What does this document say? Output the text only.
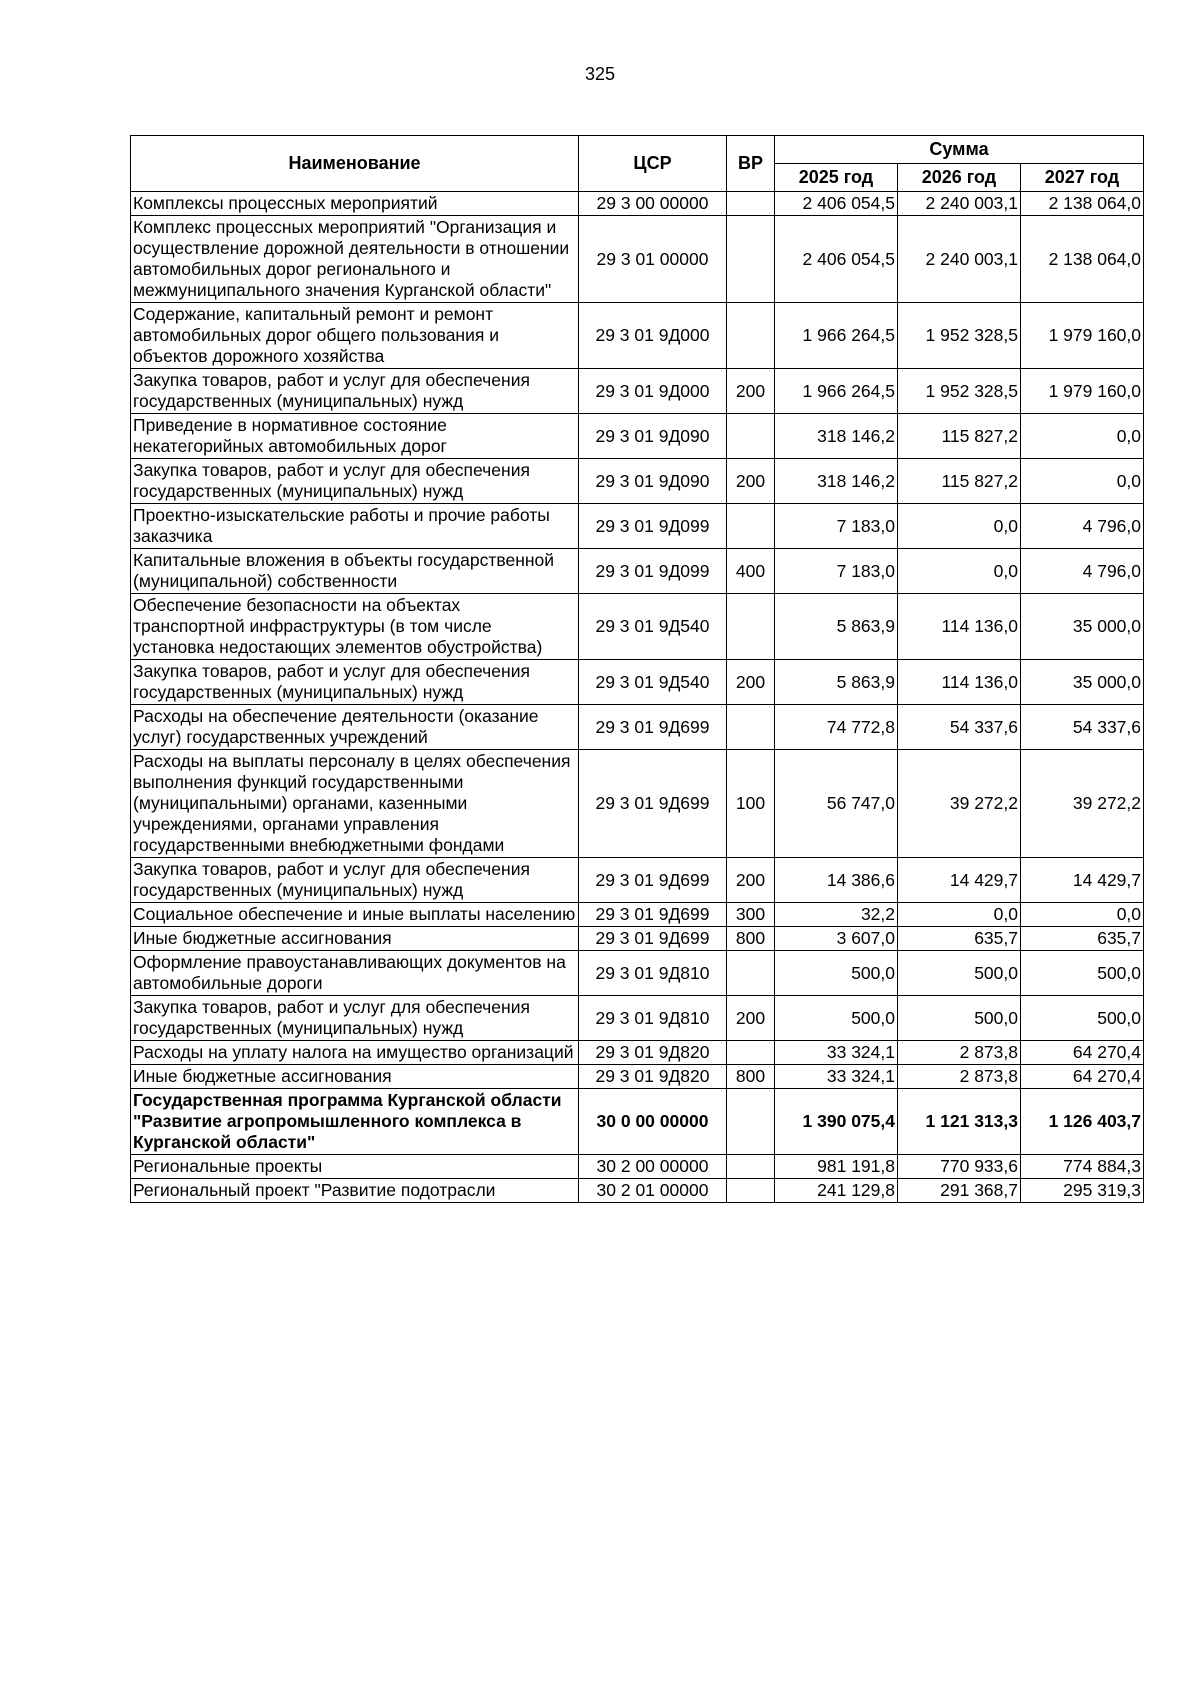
325
Наименование	ЦСР	ВР	Сумма		
			2025 год	2026 год	2027 год
Комплексы процессных мероприятий	29 3 00 00000		2 406 054,5	2 240 003,1	2 138 064,0
Комплекс процессных мероприятий "Организация и осуществление дорожной деятельности в отношении автомобильных дорог регионального и межмуниципального значения Курганской области"	29 3 01 00000		2 406 054,5	2 240 003,1	2 138 064,0
Содержание, капитальный ремонт и ремонт автомобильных дорог общего пользования и объектов дорожного хозяйства	29 3 01 9Д000		1 966 264,5	1 952 328,5	1 979 160,0
Закупка товаров, работ и услуг для обеспечения государственных (муниципальных) нужд	29 3 01 9Д000	200	1 966 264,5	1 952 328,5	1 979 160,0
Приведение в нормативное состояние некатегорийных автомобильных дорог	29 3 01 9Д090		318 146,2	115 827,2	0,0
Закупка товаров, работ и услуг для обеспечения государственных (муниципальных) нужд	29 3 01 9Д090	200	318 146,2	115 827,2	0,0
Проектно-изыскательские работы и прочие работы заказчика	29 3 01 9Д099		7 183,0	0,0	4 796,0
Капитальные вложения в объекты государственной (муниципальной) собственности	29 3 01 9Д099	400	7 183,0	0,0	4 796,0
Обеспечение безопасности на объектах транспортной инфраструктуры (в том числе установка недостающих элементов обустройства)	29 3 01 9Д540		5 863,9	114 136,0	35 000,0
Закупка товаров, работ и услуг для обеспечения государственных (муниципальных) нужд	29 3 01 9Д540	200	5 863,9	114 136,0	35 000,0
Расходы на обеспечение деятельности (оказание услуг) государственных учреждений	29 3 01 9Д699		74 772,8	54 337,6	54 337,6
Расходы на выплаты персоналу в целях обеспечения выполнения функций государственными (муниципальными) органами, казенными учреждениями, органами управления государственными внебюджетными фондами	29 3 01 9Д699	100	56 747,0	39 272,2	39 272,2
Закупка товаров, работ и услуг для обеспечения государственных (муниципальных) нужд	29 3 01 9Д699	200	14 386,6	14 429,7	14 429,7
Социальное обеспечение и иные выплаты населению	29 3 01 9Д699	300	32,2	0,0	0,0
Иные бюджетные ассигнования	29 3 01 9Д699	800	3 607,0	635,7	635,7
Оформление правоустанавливающих документов на автомобильные дороги	29 3 01 9Д810		500,0	500,0	500,0
Закупка товаров, работ и услуг для обеспечения государственных (муниципальных) нужд	29 3 01 9Д810	200	500,0	500,0	500,0
Расходы на уплату налога на имущество организаций	29 3 01 9Д820		33 324,1	2 873,8	64 270,4
Иные бюджетные ассигнования	29 3 01 9Д820	800	33 324,1	2 873,8	64 270,4
Государственная программа Курганской области "Развитие агропромышленного комплекса в Курганской области"	30 0 00 00000		1 390 075,4	1 121 313,3	1 126 403,7
Региональные проекты	30 2 00 00000		981 191,8	770 933,6	774 884,3
Региональный проект "Развитие подотрасли	30 2 01 00000		241 129,8	291 368,7	295 319,3
